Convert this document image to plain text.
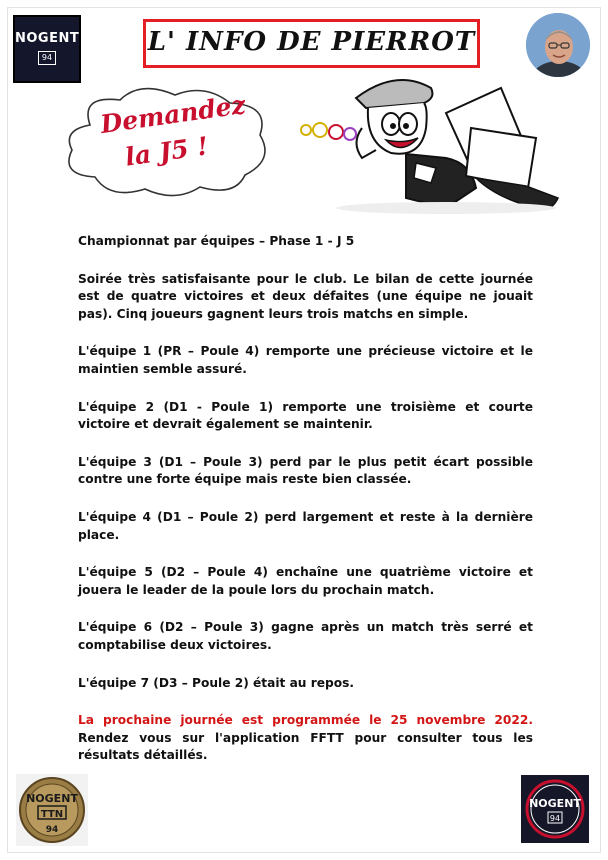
NOGENT
94
L' INFO DE PIERROT
Demandez
la J5 !

Championnat par équipes – Phase 1 - J 5

Soirée très satisfaisante pour le club. Le bilan de cette journée est de quatre victoires et deux défaites (une équipe ne jouait pas). Cinq joueurs gagnent leurs trois matchs en simple.

L'équipe 1 (PR – Poule 4) remporte une précieuse victoire et le maintien semble assuré.

L'équipe 2 (D1 - Poule 1) remporte une troisième et courte victoire et devrait également se maintenir.

L'équipe 3 (D1 – Poule 3) perd par le plus petit écart possible contre une forte équipe mais reste bien classée.

L'équipe 4 (D1 – Poule 2) perd largement et reste à la dernière place.

L'équipe 5 (D2 – Poule 4) enchaîne une quatrième victoire et jouera le leader de la poule lors du prochain match.

L'équipe 6 (D2 – Poule 3) gagne après un match très serré et comptabilise deux victoires.

L'équipe 7 (D3 – Poule 2) était au repos.

La prochaine journée est programmée le 25 novembre 2022. Rendez vous sur l'application FFTT pour consulter tous les résultats détaillés.

NOGENT
TTN
94
NOGENT
94
